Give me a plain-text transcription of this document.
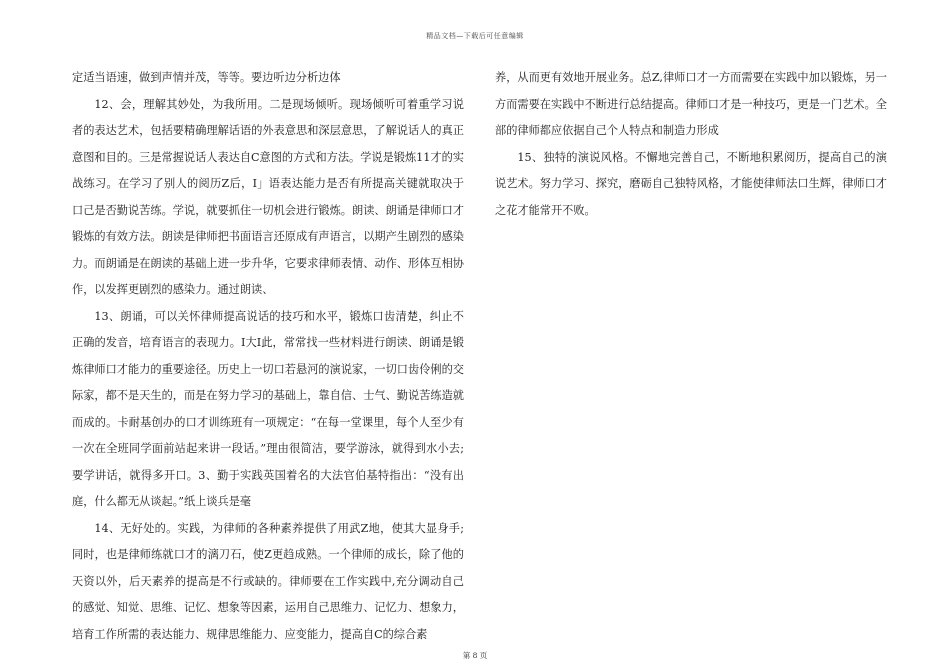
精品文档—下载后可任意编辑

定适当语速，做到声情并茂，等等。要边听边分析边体

12、会，理解其妙处，为我所用。二是现场倾听。现场倾听可着重学习说者的表达艺术，包括要精确理解话语的外表意思和深层意思，了解说话人的真正意图和目的。三是常握说话人表达自C意图的方式和方法。学说是锻炼11才的实战练习。在学习了别人的阅历Z后，I」语表达能力是否有所提高关键就取决于口己是否勤说苦练。学说，就要抓住一切机会进行锻炼。朗读、朗诵是律师口才锻炼的有效方法。朗读是律师把书面语言还原成有声语言，以期产生剧烈的感染力。而朗诵是在朗读的基础上进一步升华，它要求律师表情、动作、形体互相协作，以发挥更剧烈的感染力。通过朗读、

13、朗诵，可以关怀律师提高说话的技巧和水平，锻炼口齿清楚，纠止不正确的发音，培育语言的表现力。I大I此，常常找一些材料进行朗读、朗诵是锻炼律师口才能力的重要途径。历史上一切口若悬河的演说家，一切口齿伶俐的交际家，都不是天生的，而是在努力学习的基础上，靠自信、士气、勤说苦练造就而成的。卡耐基创办的口才训练班有一项规定：“在每一堂课里，每个人至少有一次在全班同学面前站起来讲一段话。”理由很简洁，要学游泳，就得到水小去;要学讲话，就得多开口。3、勤于实践英国着名的大法官伯基特指出：“没有出庭，什么都无从谈起。”纸上谈兵是毫

14、无好处的。实践，为律师的各种素养提供了用武Z地，使其大显身手;同时，也是律师练就口才的漓刀石，使Z更趋成熟。一个律师的成长，除了他的天资以外，后天素养的提高是不行或缺的。律师要在工作实践中,充分调动自己的感觉、知觉、思维、记忆、想象等因素，运用自己思维力、记忆力、想象力，培育工作所需的表达能力、规律思维能力、应变能力，提高自C的综合素

养，从而更有效地开展业务。总Z,律师口才一方而需要在实践中加以锻炼，另一方而需要在实践中不断进行总结提高。律师口才是一种技巧，更是一门艺术。全部的律师都应依据自己个人特点和制造力形成

15、独特的演说风格。不懈地完善自己，不断地积累阅历，提高自己的演说艺术。努力学习、探究，磨砺自己独特风格，才能使律师法口生辉，律师口才之花才能常开不败。

第 8 页
